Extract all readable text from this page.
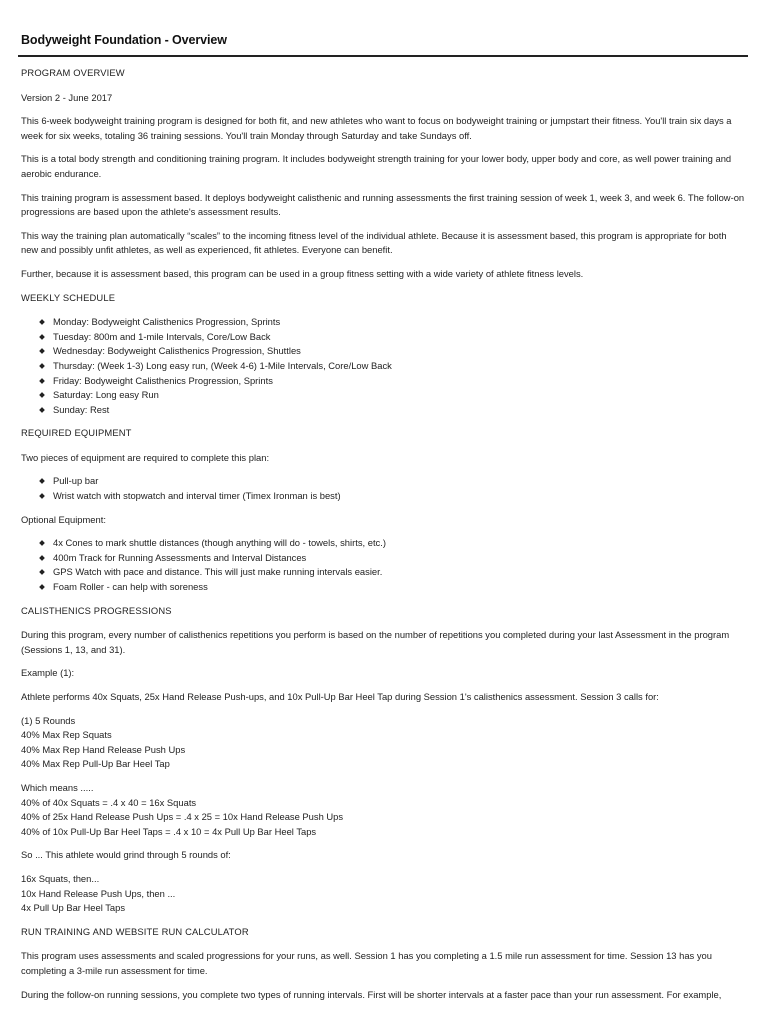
Bodyweight Foundation - Overview

PROGRAM OVERVIEW

Version 2 - June 2017

This 6-week bodyweight training program is designed for both fit, and new athletes who want to focus on bodyweight training or jumpstart their fitness. You'll train six days a week for six weeks, totaling 36 training sessions. You'll train Monday through Saturday and take Sundays off.

This is a total body strength and conditioning training program. It includes bodyweight strength training for your lower body, upper body and core, as well power training and aerobic endurance.

This training program is assessment based. It deploys bodyweight calisthenic and running assessments the first training session of week 1, week 3, and week 6. The follow-on progressions are based upon the athlete's assessment results.

This way the training plan automatically “scales” to the incoming fitness level of the individual athlete. Because it is assessment based, this program is appropriate for both new and possibly unfit athletes, as well as experienced, fit athletes. Everyone can benefit.

Further, because it is assessment based, this program can be used in a group fitness setting with a wide variety of athlete fitness levels.

WEEKLY SCHEDULE

Monday: Bodyweight Calisthenics Progression, Sprints
Tuesday: 800m and 1-mile Intervals, Core/Low Back
Wednesday: Bodyweight Calisthenics Progression, Shuttles
Thursday: (Week 1-3) Long easy run, (Week 4-6) 1-Mile Intervals, Core/Low Back
Friday: Bodyweight Calisthenics Progression, Sprints
Saturday: Long easy Run
Sunday: Rest

REQUIRED EQUIPMENT

Two pieces of equipment are required to complete this plan:

Pull-up bar
Wrist watch with stopwatch and interval timer (Timex Ironman is best)

Optional Equipment:

4x Cones to mark shuttle distances (though anything will do - towels, shirts, etc.)
400m Track for Running Assessments and Interval Distances
GPS Watch with pace and distance. This will just make running intervals easier.
Foam Roller - can help with soreness

CALISTHENICS PROGRESSIONS

During this program, every number of calisthenics repetitions you perform is based on the number of repetitions you completed during your last Assessment in the program (Sessions 1, 13, and 31).

Example (1):

Athlete performs 40x Squats, 25x Hand Release Push-ups, and 10x Pull-Up Bar Heel Tap during Session 1's calisthenics assessment. Session 3 calls for:

(1) 5 Rounds
40% Max Rep Squats
40% Max Rep Hand Release Push Ups
40% Max Rep Pull-Up Bar Heel Tap

Which means .....
40% of 40x Squats = .4 x 40 = 16x Squats
40% of 25x Hand Release Push Ups = .4 x 25 = 10x Hand Release Push Ups
40% of 10x Pull-Up Bar Heel Taps = .4 x 10 = 4x Pull Up Bar Heel Taps

So ... This athlete would grind through 5 rounds of:

16x Squats, then...
10x Hand Release Push Ups, then ...
4x Pull Up Bar Heel Taps

RUN TRAINING AND WEBSITE RUN CALCULATOR

This program uses assessments and scaled progressions for your runs, as well. Session 1 has you completing a 1.5 mile run assessment for time. Session 13 has you completing a 3-mile run assessment for time.

During the follow-on running sessions, you complete two types of running intervals. First will be shorter intervals at a faster pace than your run assessment. For example,
